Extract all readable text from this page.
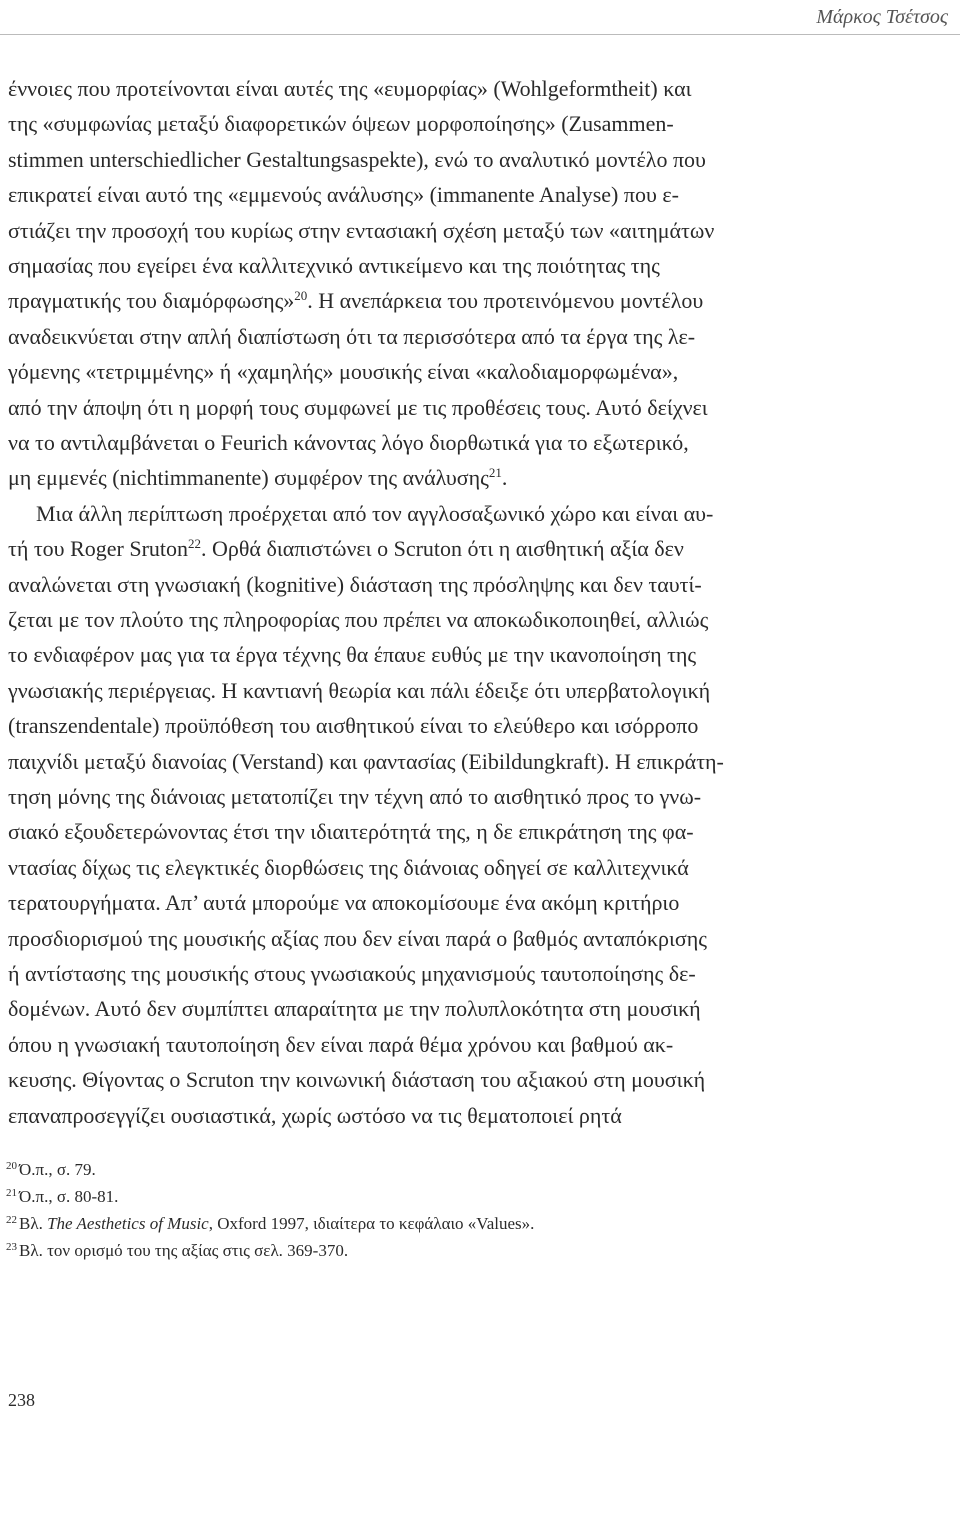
Μάρκος Τσέτσος
έννοιες που προτείνονται είναι αυτές της «ευμορφίας» (Wohlgeformtheit) και
της «συμφωνίας μεταξύ διαφορετικών όψεων μορφοποίησης» (Zusammen-
stimmen unterschiedlicher Gestaltungsaspekte), ενώ το αναλυτικό μοντέλο που
επικρατεί είναι αυτό της «εμμενούς ανάλυσης» (immanente Analyse) που ε-
στιάζει την προσοχή του κυρίως στην εντασιακή σχέση μεταξύ των «αιτημάτων
σημασίας που εγείρει ένα καλλιτεχνικό αντικείμενο και της ποιότητας της
πραγματικής του διαμόρφωσης»$^{20}$. Η ανεπάρκεια του προτεινόμενου μοντέλου
αναδεικνύεται στην απλή διαπίστωση ότι τα περισσότερα από τα έργα της λε-
γόμενης «τετριμμένης» ή «χαμηλής» μουσικής είναι «καλοδιαμορφωμένα»,
από την άποψη ότι η μορφή τους συμφωνεί με τις προθέσεις τους. Αυτό δείχνει
να το αντιλαμβάνεται ο Feurich κάνοντας λόγο διορθωτικά για το εξωτερικό,
μη εμμενές (nichtimmanente) συμφέρον της ανάλυσης$^{21}$.
Μια άλλη περίπτωση προέρχεται από τον αγγλοσαξωνικό χώρο και είναι αυ-
τή του Roger Sruton$^{22}$. Ορθά διαπιστώνει ο Scruton ότι η αισθητική αξία δεν
αναλώνεται στη γνωσιακή (kognitive) διάσταση της πρόσληψης και δεν ταυτί-
ζεται με τον πλούτο της πληροφορίας που πρέπει να αποκωδικοποιηθεί, αλλιώς
το ενδιαφέρον μας για τα έργα τέχνης θα έπαυε ευθύς με την ικανοποίηση της
γνωσιακής περιέργειας. Η καντιανή θεωρία και πάλι έδειξε ότι υπερβατολογική
(transzendentale) προϋπόθεση του αισθητικού είναι το ελεύθερο και ισόρροπο
παιχνίδι μεταξύ διανοίας (Verstand) και φαντασίας (Eibildungkraft). Η επικράτη-
τηση μόνης της διάνοιας μετατοπίζει την τέχνη από το αισθητικό προς το γνω-
σιακό εξουδετερώνοντας έτσι την ιδιαιτερότητά της, η δε επικράτηση της φα-
ντασίας δίχως τις ελεγκτικές διορθώσεις της διάνοιας οδηγεί σε καλλιτεχνικά
τερατουργήματα. Απ’ αυτά μπορούμε να αποκομίσουμε ένα ακόμη κριτήριο
προσδιορισμού της μουσικής αξίας που δεν είναι παρά ο βαθμός ανταπόκρισης
ή αντίστασης της μουσικής στους γνωσιακούς μηχανισμούς ταυτοποίησης δε-
δομένων. Αυτό δεν συμπίπτει απαραίτητα με την πολυπλοκότητα στη μουσική
όπου η γνωσιακή ταυτοποίηση δεν είναι παρά θέμα χρόνου και βαθμού ακ-
κευσης. Θίγοντας ο Scruton την κοινωνική διάσταση του αξιακού στη μουσική
επαναπροσεγγίζει ουσιαστικά, χωρίς ωστόσο να τις θεματοποιεί ρητά
$^{20}$ Ό.π., σ. 79.
$^{21}$ Ό.π., σ. 80-81.
$^{22}$ Βλ. The Aesthetics of Music, Oxford 1997, ιδιαίτερα το κεφάλαιο «Values».
$^{23}$ Βλ. τον ορισμό του της αξίας στις σελ. 369-370.
238
